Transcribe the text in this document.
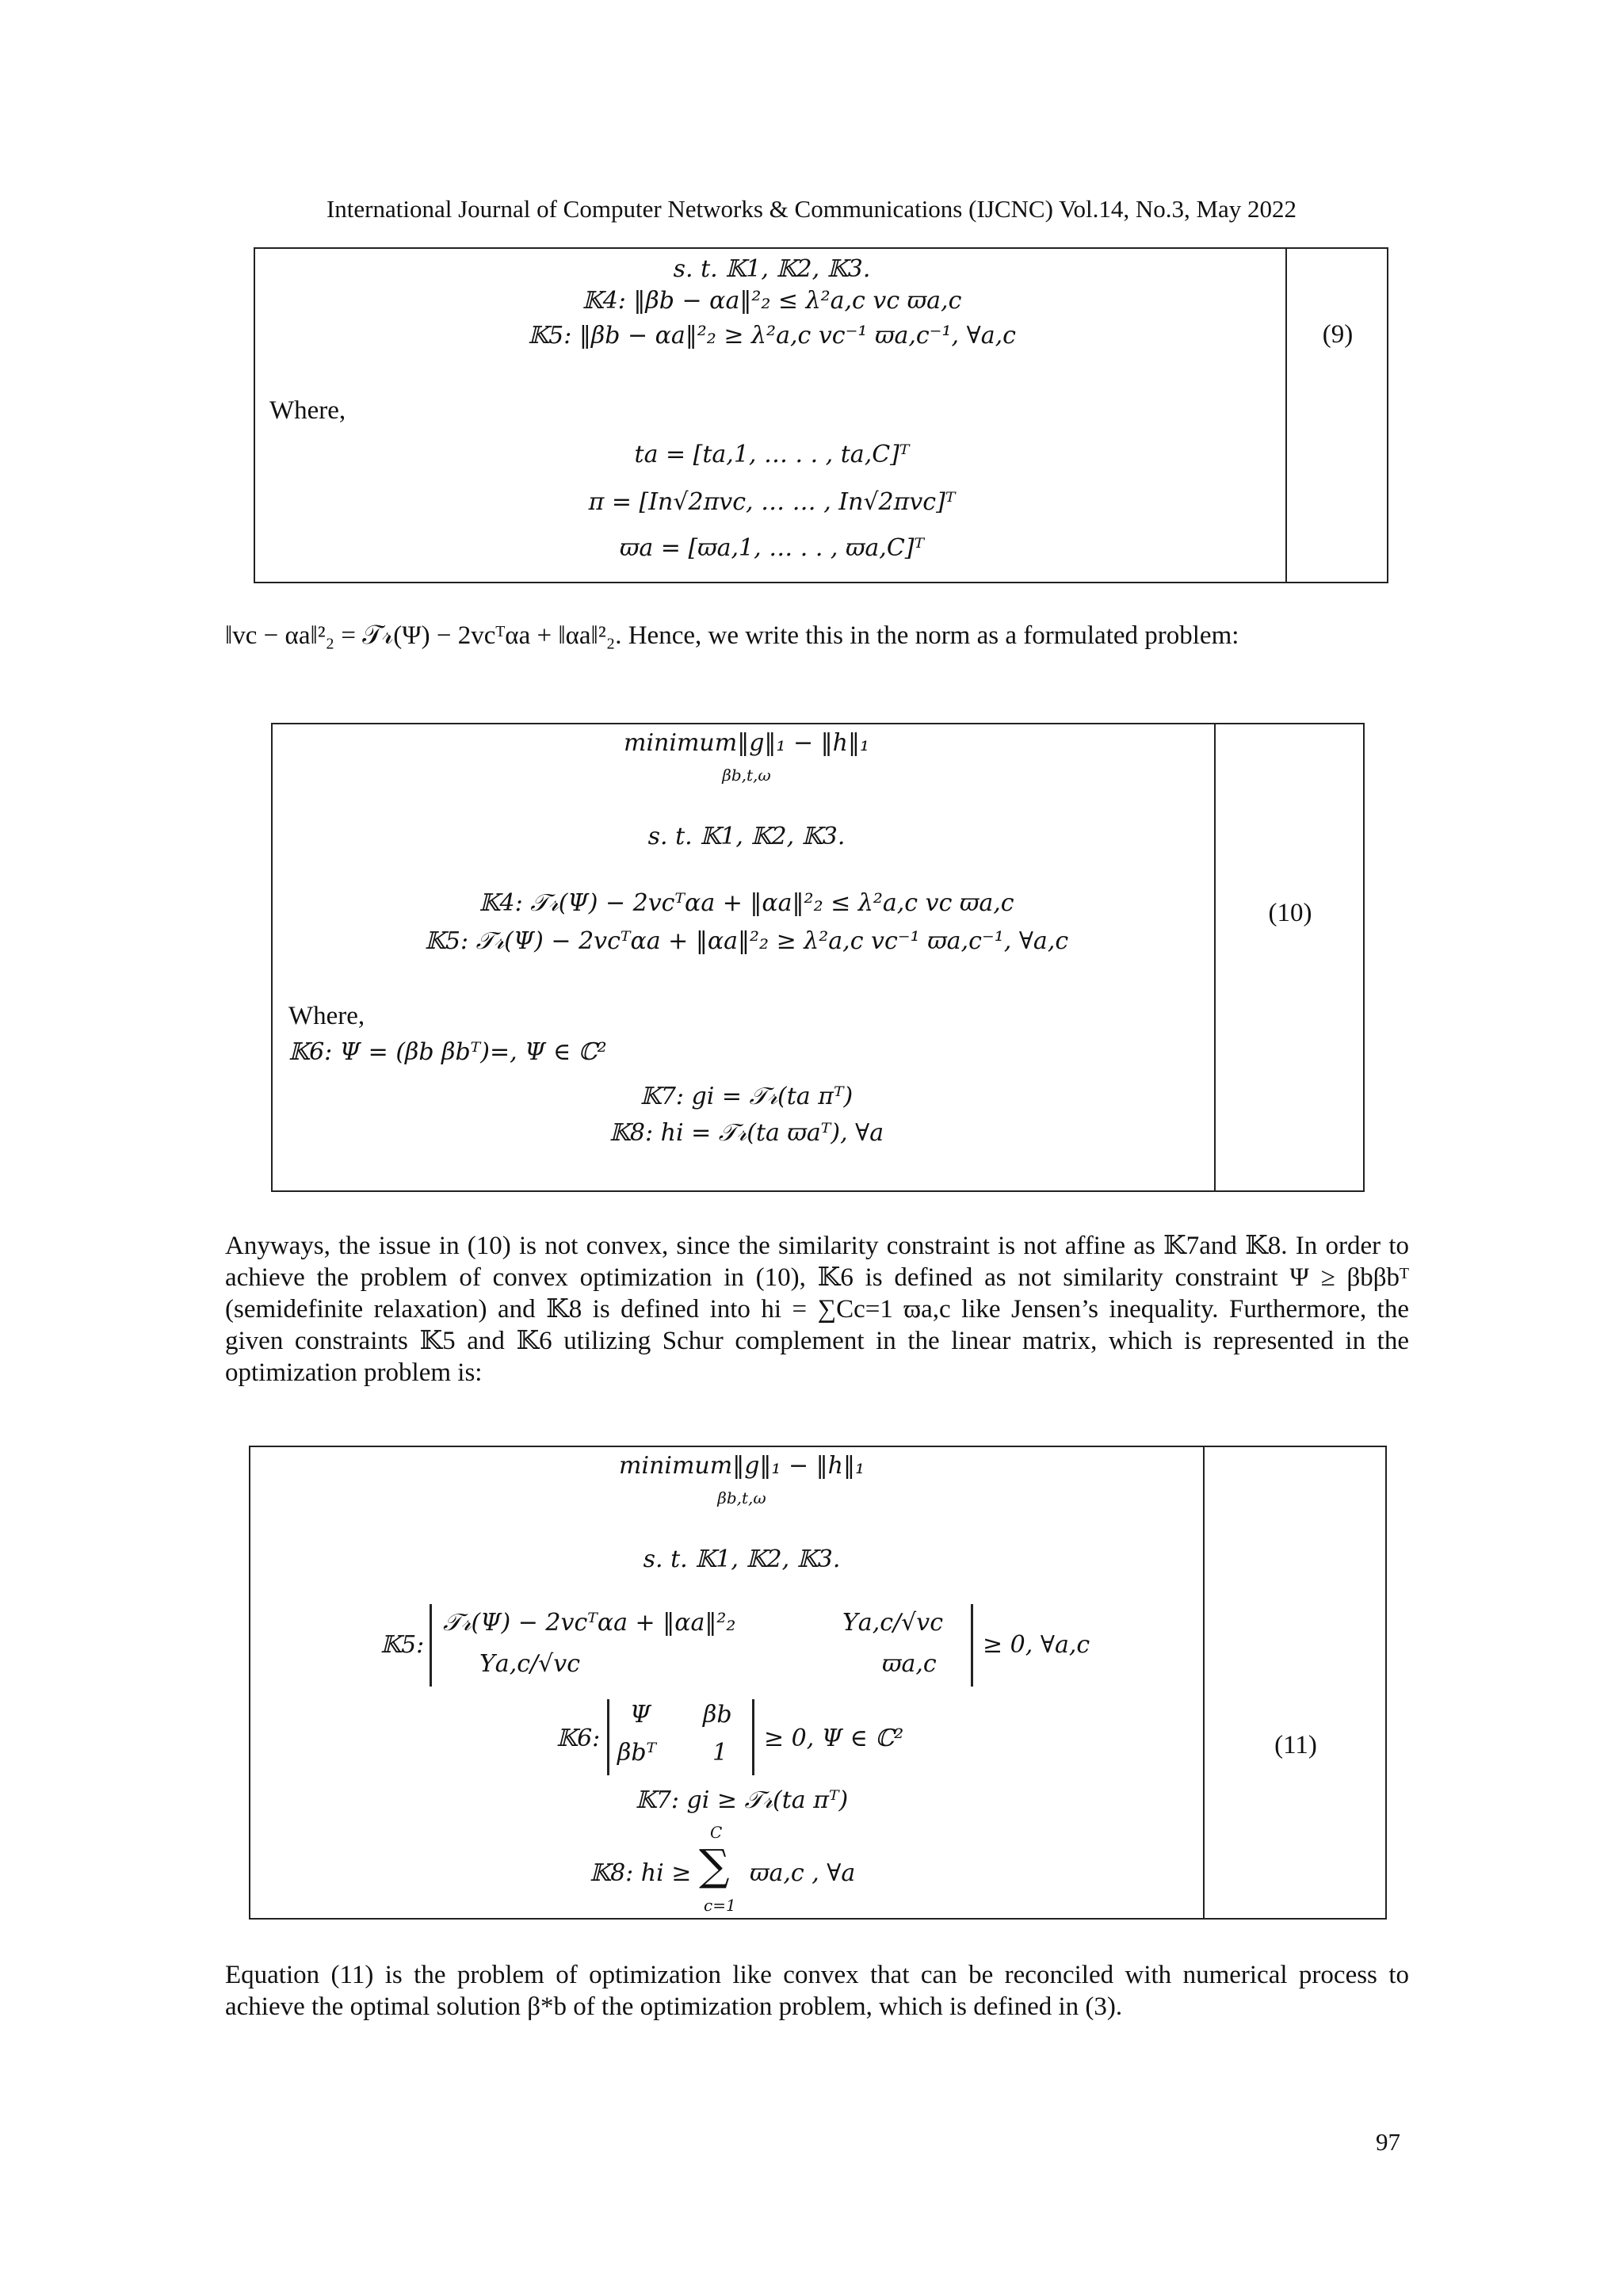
International Journal of Computer Networks & Communications (IJCNC) Vol.14, No.3, May 2022
s. t. 𝕂1, 𝕂2, 𝕂3.
𝕂4: ‖βb − αa‖²₂ ≤ λ²a,c vc ϖa,c
𝕂5: ‖βb − αa‖²₂ ≥ λ²a,c vc⁻¹ ϖa,c⁻¹, ∀a,c
Where,
ta = [ta,1, … . . , ta,C]ᵀ
π = [In√2πvc, … … , In√2πvc]ᵀ
ϖa = [ϖa,1, … . . , ϖa,C]ᵀ
(9)
‖vc − αa‖²₂ = 𝒯𝓇(Ψ) − 2vcᵀαa + ‖αa‖²₂. Hence, we write this in the norm as a formulated problem:
minimum‖g‖₁ − ‖h‖₁
βb,t,ω
s. t. 𝕂1, 𝕂2, 𝕂3.
𝕂4: 𝒯𝓇(Ψ) − 2vcᵀαa + ‖αa‖²₂ ≤ λ²a,c vc ϖa,c
𝕂5: 𝒯𝓇(Ψ) − 2vcᵀαa + ‖αa‖²₂ ≥ λ²a,c vc⁻¹ ϖa,c⁻¹, ∀a,c
Where,
𝕂6: Ψ = (βb βbᵀ)=, Ψ ∈ ℂ²
𝕂7: gi = 𝒯𝓇(ta πᵀ)
𝕂8: hi = 𝒯𝓇(ta ϖaᵀ), ∀a
(10)
Anyways, the issue in (10) is not convex, since the similarity constraint is not affine as 𝕂7and 𝕂8. In order to achieve the problem of convex optimization in (10), 𝕂6 is defined as not similarity constraint Ψ ≥ βbβbᵀ (semidefinite relaxation) and 𝕂8 is defined into hi = ∑Cc=1 ϖa,c like Jensen’s inequality. Furthermore, the given constraints 𝕂5 and 𝕂6 utilizing Schur complement in the linear matrix, which is represented in the optimization problem is:
minimum‖g‖₁ − ‖h‖₁
βb,t,ω
s. t. 𝕂1, 𝕂2, 𝕂3.
𝕂5:
𝒯𝓇(Ψ) − 2vcᵀαa + ‖αa‖²₂	Υa,c/√vc
Υa,c/√vc	ϖa,c
≥ 0, ∀a,c
𝕂6:
Ψ βb
βbᵀ 1
≥ 0, Ψ ∈ ℂ²
𝕂7: gi ≥ 𝒯𝓇(ta πᵀ)
𝕂8: hi ≥
C
∑
c=1
ϖa,c , ∀a
(11)
Equation (11) is the problem of optimization like convex that can be reconciled with numerical process to achieve the optimal solution β*b of the optimization problem, which is defined in (3).
97
